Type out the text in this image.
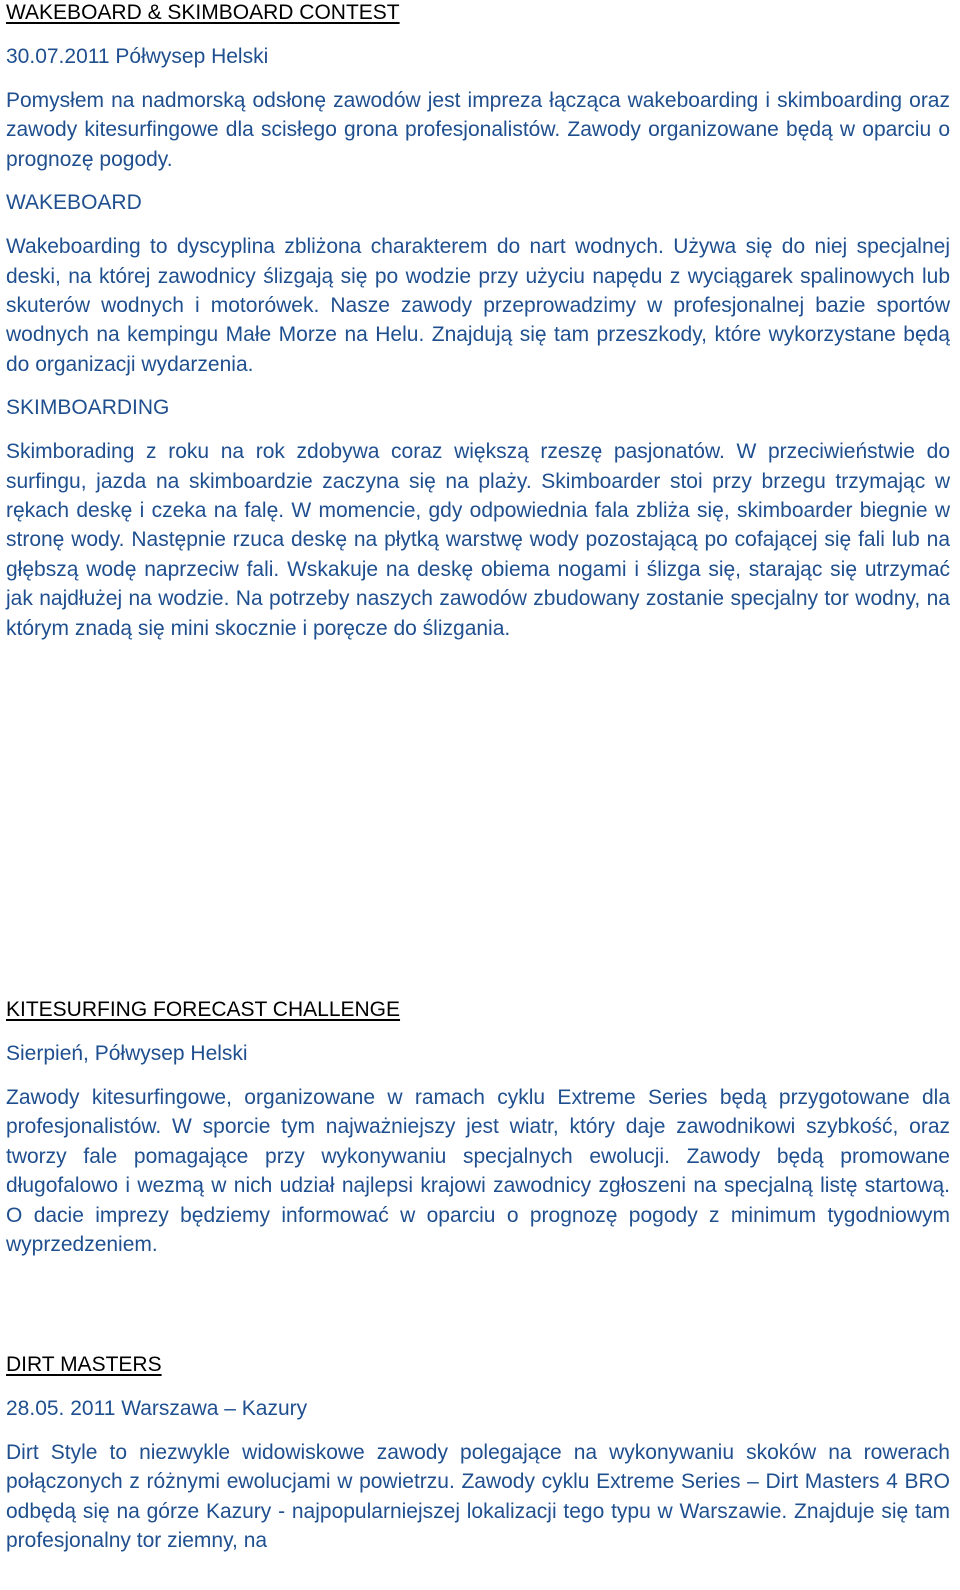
WAKEBOARD & SKIMBOARD CONTEST

30.07.2011 Półwysep Helski

Pomysłem na nadmorską odsłonę zawodów jest impreza łącząca wakeboarding i skimboarding oraz zawody kitesurfingowe dla scisłego grona profesjonalistów. Zawody organizowane będą w oparciu o prognozę pogody.

WAKEBOARD

Wakeboarding to dyscyplina zbliżona charakterem do nart wodnych. Używa się do niej specjalnej deski, na której zawodnicy ślizgają się po wodzie przy użyciu napędu z wyciągarek spalinowych lub skuterów wodnych i motorówek. Nasze zawody przeprowadzimy w profesjonalnej bazie sportów wodnych na kempingu Małe Morze na Helu. Znajdują się tam przeszkody, które wykorzystane będą do organizacji wydarzenia.

SKIMBOARDING

Skimborading z roku na rok zdobywa coraz większą rzeszę pasjonatów. W przeciwieństwie do surfingu, jazda na skimboardzie zaczyna się na plaży. Skimboarder stoi przy brzegu trzymając w rękach deskę i czeka na falę. W momencie, gdy odpowiednia fala zbliża się, skimboarder biegnie w stronę wody. Następnie rzuca deskę na płytką warstwę wody pozostającą po cofającej się fali lub na głębszą wodę naprzeciw fali. Wskakuje na deskę obiema nogami i ślizga się, starając się utrzymać jak najdłużej na wodzie. Na potrzeby naszych zawodów zbudowany zostanie specjalny tor wodny, na którym znadą się mini skocznie i poręcze do ślizgania.

KITESURFING FORECAST CHALLENGE

Sierpień, Półwysep Helski

Zawody kitesurfingowe, organizowane w ramach cyklu Extreme Series będą przygotowane dla profesjonalistów. W sporcie tym najważniejszy jest wiatr, który daje zawodnikowi szybkość, oraz tworzy fale pomagające przy wykonywaniu specjalnych ewolucji. Zawody będą promowane długofalowo i wezmą w nich udział najlepsi krajowi zawodnicy zgłoszeni na specjalną listę startową. O dacie imprezy będziemy informować w oparciu o prognozę pogody z minimum tygodniowym wyprzedzeniem.

DIRT MASTERS

28.05. 2011 Warszawa – Kazury

Dirt Style to niezwykle widowiskowe zawody polegające na wykonywaniu skoków na rowerach połączonych z różnymi ewolucjami w powietrzu. Zawody cyklu Extreme Series – Dirt Masters 4 BRO odbędą się na górze Kazury - najpopularniejszej lokalizacji tego typu w Warszawie. Znajduje się tam profesjonalny tor ziemny, na
